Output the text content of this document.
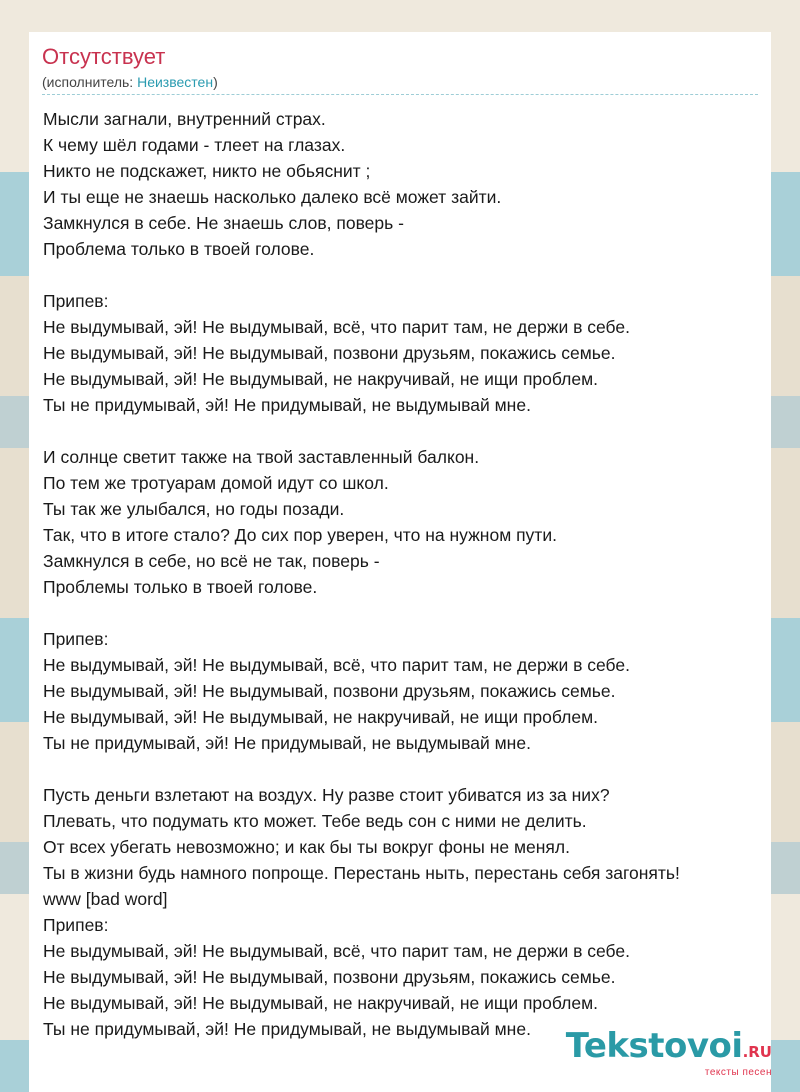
Отсутствует
(исполнитель: Неизвестен)
Мысли загнали, внутренний страх.
К чему шёл годами - тлеет на глазах.
Никто не подскажет, никто не обьяснит ;
И ты еще не знаешь насколько далеко всё может зайти.
Замкнулся в себе. Не знаешь слов, поверь -
Проблема только в твоей голове.
Припев:
Не выдумывай, эй! Не выдумывай, всё, что парит там, не держи в себе.
Не выдумывай, эй! Не выдумывай, позвони друзьям, покажись семье.
Не выдумывай, эй! Не выдумывай, не накручивай, не ищи проблем.
Ты не придумывай, эй! Не придумывай, не выдумывай мне.
И солнце светит также на твой заставленный балкон.
По тем же тротуарам домой идут со школ.
Ты так же улыбался, но годы позади.
Так, что в итоге стало? До сих пор уверен, что на нужном пути.
Замкнулся в себе, но всё не так, поверь -
Проблемы только в твоей голове.
Припев:
Не выдумывай, эй! Не выдумывай, всё, что парит там, не держи в себе.
Не выдумывай, эй! Не выдумывай, позвони друзьям, покажись семье.
Не выдумывай, эй! Не выдумывай, не накручивай, не ищи проблем.
Ты не придумывай, эй! Не придумывай, не выдумывай мне.
Пусть деньги взлетают на воздух. Ну разве стоит убиватся из за них?
Плевать, что подумать кто может. Тебе ведь сон с ними не делить.
От всех убегать невозможно; и как бы ты вокруг фоны не менял.
Ты в жизни будь намного попроще. Перестань ныть, перестань себя загонять!
www [bad word]
Припев:
Не выдумывай, эй! Не выдумывай, всё, что парит там, не держи в себе.
Не выдумывай, эй! Не выдумывай, позвони друзьям, покажись семье.
Не выдумывай, эй! Не выдумывай, не накручивай, не ищи проблем.
Ты не придумывай, эй! Не придумывай, не выдумывай мне.	Tekstovoi.RU
тексты песен
